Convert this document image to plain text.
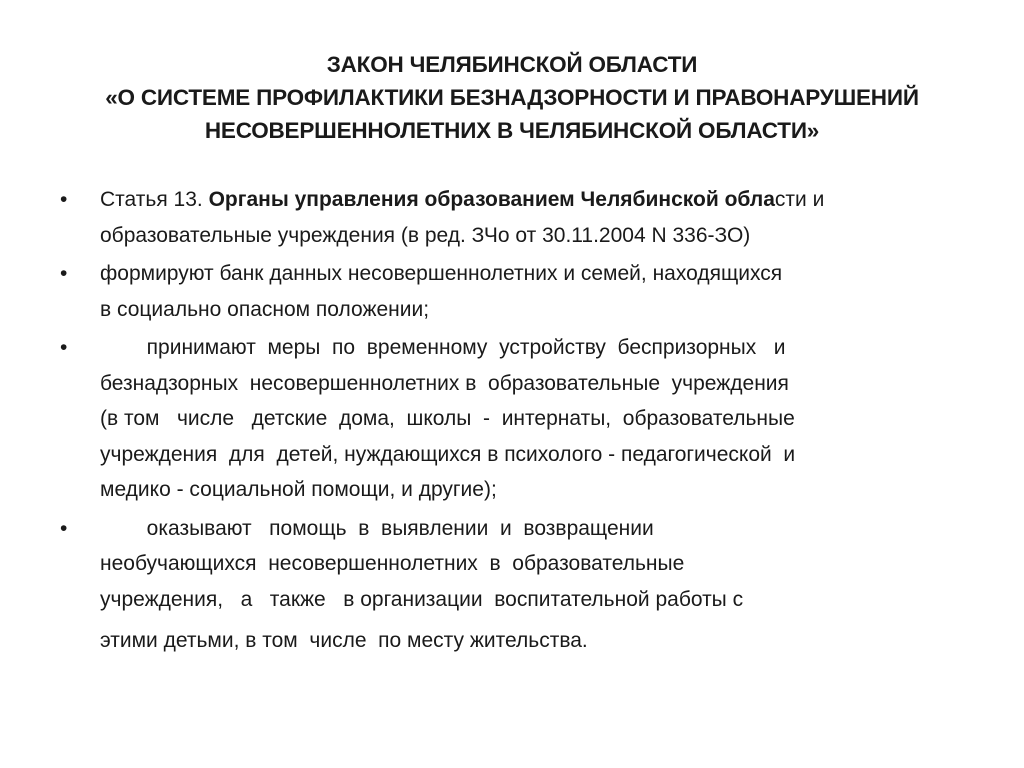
ЗАКОН ЧЕЛЯБИНСКОЙ ОБЛАСТИ
«О СИСТЕМЕ ПРОФИЛАКТИКИ БЕЗНАДЗОРНОСТИ И ПРАВОНАРУШЕНИЙ
НЕСОВЕРШЕННОЛЕТНИХ В ЧЕЛЯБИНСКОЙ ОБЛАСТИ»
•	Статья 13. Органы управления образованием Челябинской области и
образовательные учреждения (в ред. ЗЧо от 30.11.2004 N 336-ЗО)
•	формируют банк данных несовершеннолетних и семей, находящихся
в социально опасном положении;
•	принимают  меры  по  временному  устройству  беспризорных   и
безнадзорных  несовершеннолетних в  образовательные  учреждения
(в том   числе   детские  дома,  школы  -  интернаты,  образовательные
учреждения  для  детей, нуждающихся в психолого - педагогической  и
медико - социальной помощи, и другие);
•	оказывают   помощь  в  выявлении  и  возвращении
необучающихся  несовершеннолетних  в  образовательные
учреждения,   а   также   в организации  воспитательной работы с
этими детьми, в том  числе  по месту жительства.
